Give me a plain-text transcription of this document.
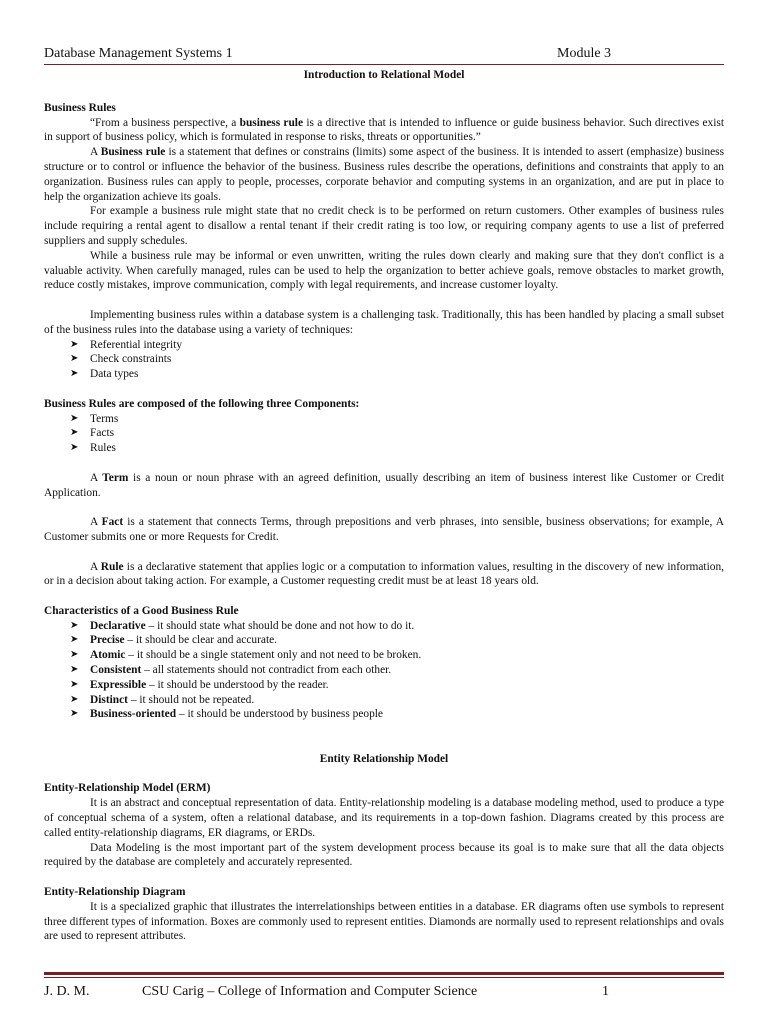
Database Management Systems 1	Module 3

Introduction to Relational Model

Business Rules

“From a business perspective, a business rule is a directive that is intended to influence or guide business behavior. Such directives exist in support of business policy, which is formulated in response to risks, threats or opportunities.”

A Business rule is a statement that defines or constrains (limits) some aspect of the business. It is intended to assert (emphasize) business structure or to control or influence the behavior of the business. Business rules describe the operations, definitions and constraints that apply to an organization. Business rules can apply to people, processes, corporate behavior and computing systems in an organization, and are put in place to help the organization achieve its goals.

For example a business rule might state that no credit check is to be performed on return customers. Other examples of business rules include requiring a rental agent to disallow a rental tenant if their credit rating is too low, or requiring company agents to use a list of preferred suppliers and supply schedules.

While a business rule may be informal or even unwritten, writing the rules down clearly and making sure that they don't conflict is a valuable activity. When carefully managed, rules can be used to help the organization to better achieve goals, remove obstacles to market growth, reduce costly mistakes, improve communication, comply with legal requirements, and increase customer loyalty.

Implementing business rules within a database system is a challenging task. Traditionally, this has been handled by placing a small subset of the business rules into the database using a variety of techniques:

➤ Referential integrity
➤ Check constraints
➤ Data types
Business Rules are composed of the following three Components:
➤ Terms
➤ Facts
➤ Rules

A Term is a noun or noun phrase with an agreed definition, usually describing an item of business interest like Customer or Credit Application.

A Fact is a statement that connects Terms, through prepositions and verb phrases, into sensible, business observations; for example, A Customer submits one or more Requests for Credit.

A Rule is a declarative statement that applies logic or a computation to information values, resulting in the discovery of new information, or in a decision about taking action. For example, a Customer requesting credit must be at least 18 years old.

Characteristics of a Good Business Rule
➤ Declarative – it should state what should be done and not how to do it.
➤ Precise – it should be clear and accurate.
➤ Atomic – it should be a single statement only and not need to be broken.
➤ Consistent – all statements should not contradict from each other.
➤ Expressible – it should be understood by the reader.
➤ Distinct – it should not be repeated.
➤ Business-oriented – it should be understood by business people

Entity Relationship Model

Entity-Relationship Model (ERM)

It is an abstract and conceptual representation of data. Entity-relationship modeling is a database modeling method, used to produce a type of conceptual schema of a system, often a relational database, and its requirements in a top-down fashion. Diagrams created by this process are called entity-relationship diagrams, ER diagrams, or ERDs.

Data Modeling is the most important part of the system development process because its goal is to make sure that all the data objects required by the database are completely and accurately represented.

Entity-Relationship Diagram

It is a specialized graphic that illustrates the interrelationships between entities in a database. ER diagrams often use symbols to represent three different types of information. Boxes are commonly used to represent entities. Diamonds are normally used to represent relationships and ovals are used to represent attributes.

J. D. M.	CSU Carig – College of Information and Computer Science	1
